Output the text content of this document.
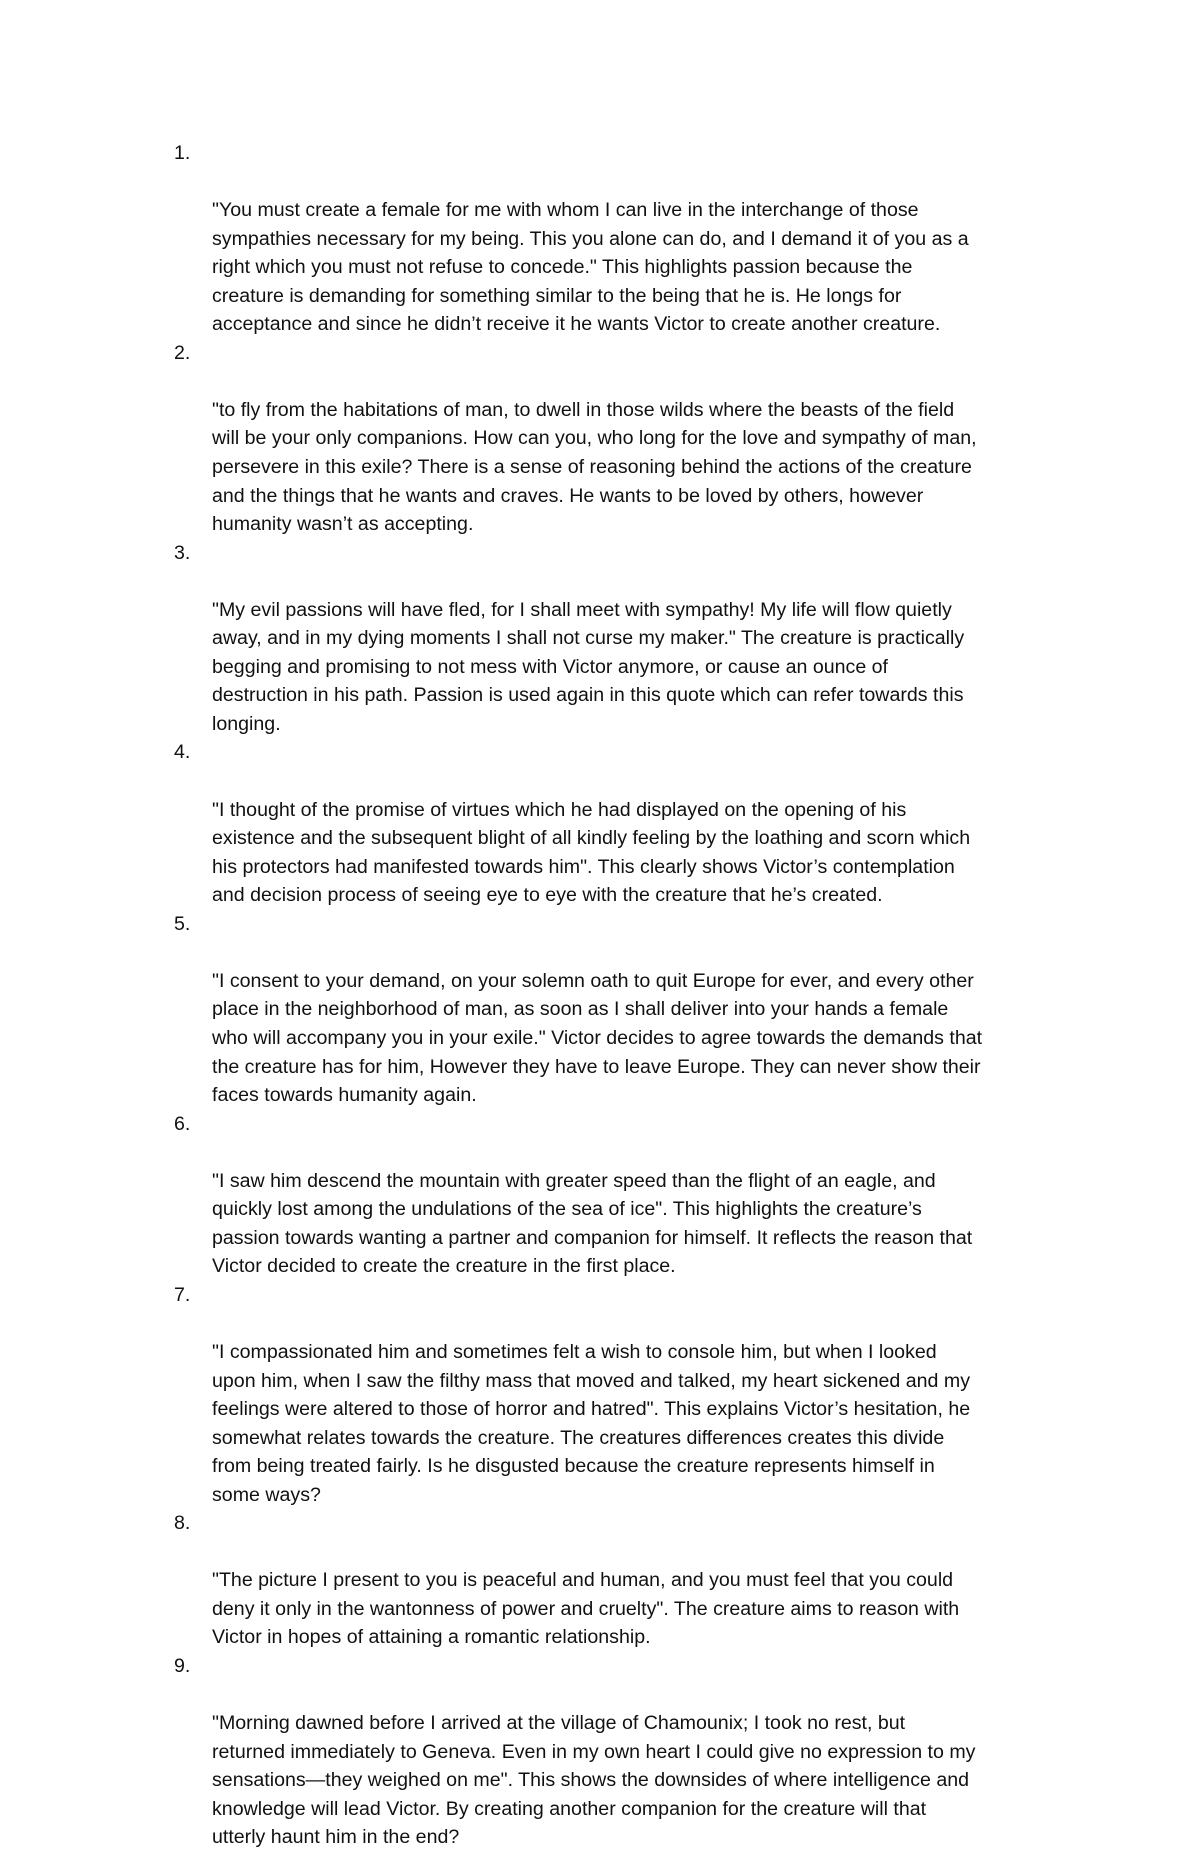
1.

"You must create a female for me with whom I can live in the interchange of those
sympathies necessary for my being. This you alone can do, and I demand it of you as a
right which you must not refuse to concede." This highlights passion because the
creature is demanding for something similar to the being that he is. He longs for
acceptance and since he didn’t receive it he wants Victor to create another creature.

2.

"to fly from the habitations of man, to dwell in those wilds where the beasts of the field
will be your only companions. How can you, who long for the love and sympathy of man,
persevere in this exile? There is a sense of reasoning behind the actions of the creature
and the things that he wants and craves. He wants to be loved by others, however
humanity wasn’t as accepting.

3.

"My evil passions will have fled, for I shall meet with sympathy! My life will flow quietly
away, and in my dying moments I shall not curse my maker." The creature is practically
begging and promising to not mess with Victor anymore, or cause an ounce of
destruction in his path. Passion is used again in this quote which can refer towards this
longing.

4.

"I thought of the promise of virtues which he had displayed on the opening of his
existence and the subsequent blight of all kindly feeling by the loathing and scorn which
his protectors had manifested towards him". This clearly shows Victor’s contemplation
and decision process of seeing eye to eye with the creature that he’s created.

5.

"I consent to your demand, on your solemn oath to quit Europe for ever, and every other
place in the neighborhood of man, as soon as I shall deliver into your hands a female
who will accompany you in your exile." Victor decides to agree towards the demands that
the creature has for him, However they have to leave Europe. They can never show their
faces towards humanity again.

6.

"I saw him descend the mountain with greater speed than the flight of an eagle, and
quickly lost among the undulations of the sea of ice". This highlights the creature’s
passion towards wanting a partner and companion for himself. It reflects the reason that
Victor decided to create the creature in the first place.

7.

"I compassionated him and sometimes felt a wish to console him, but when I looked
upon him, when I saw the filthy mass that moved and talked, my heart sickened and my
feelings were altered to those of horror and hatred". This explains Victor’s hesitation, he
somewhat relates towards the creature. The creatures differences creates this divide
from being treated fairly. Is he disgusted because the creature represents himself in
some ways?

8.

"The picture I present to you is peaceful and human, and you must feel that you could
deny it only in the wantonness of power and cruelty". The creature aims to reason with
Victor in hopes of attaining a romantic relationship.

9.

"Morning dawned before I arrived at the village of Chamounix; I took no rest, but
returned immediately to Geneva. Even in my own heart I could give no expression to my
sensations—they weighed on me". This shows the downsides of where intelligence and
knowledge will lead Victor. By creating another companion for the creature will that
utterly haunt him in the end?
